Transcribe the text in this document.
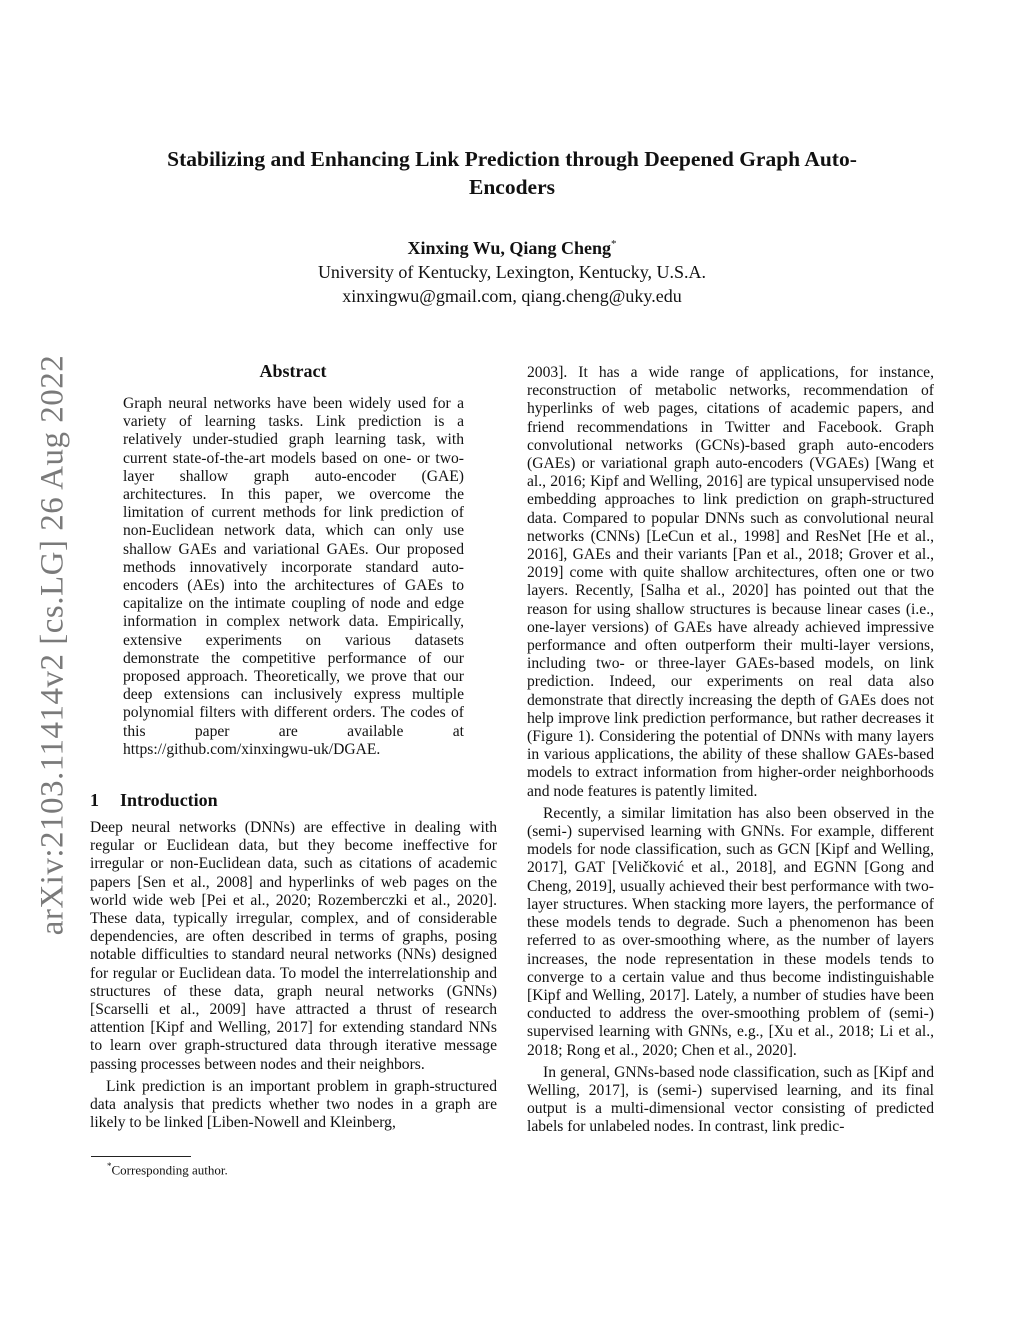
arXiv:2103.11414v2 [cs.LG] 26 Aug 2022
Stabilizing and Enhancing Link Prediction through Deepened Graph Auto-Encoders
Xinxing Wu, Qiang Cheng*
University of Kentucky, Lexington, Kentucky, U.S.A.
xinxingwu@gmail.com, qiang.cheng@uky.edu
Abstract
Graph neural networks have been widely used for a variety of learning tasks. Link prediction is a relatively under-studied graph learning task, with current state-of-the-art models based on one- or two-layer shallow graph auto-encoder (GAE) architectures. In this paper, we overcome the limitation of current methods for link prediction of non-Euclidean network data, which can only use shallow GAEs and variational GAEs. Our proposed methods innovatively incorporate standard auto-encoders (AEs) into the architectures of GAEs to capitalize on the intimate coupling of node and edge information in complex network data. Empirically, extensive experiments on various datasets demonstrate the competitive performance of our proposed approach. Theoretically, we prove that our deep extensions can inclusively express multiple polynomial filters with different orders. The codes of this paper are available at https://github.com/xinxingwu-uk/DGAE.
1 Introduction

Deep neural networks (DNNs) are effective in dealing with regular or Euclidean data, but they become ineffective for irregular or non-Euclidean data, such as citations of academic papers [Sen et al., 2008] and hyperlinks of web pages on the world wide web [Pei et al., 2020; Rozemberczki et al., 2020]. These data, typically irregular, complex, and of considerable dependencies, are often described in terms of graphs, posing notable difficulties to standard neural networks (NNs) designed for regular or Euclidean data. To model the interrelationship and structures of these data, graph neural networks (GNNs) [Scarselli et al., 2009] have attracted a thrust of research attention [Kipf and Welling, 2017] for extending standard NNs to learn over graph-structured data through iterative message passing processes between nodes and their neighbors.

Link prediction is an important problem in graph-structured data analysis that predicts whether two nodes in a graph are likely to be linked [Liben-Nowell and Kleinberg,

*Corresponding author.

2003]. It has a wide range of applications, for instance, reconstruction of metabolic networks, recommendation of hyperlinks of web pages, citations of academic papers, and friend recommendations in Twitter and Facebook. Graph convolutional networks (GCNs)-based graph auto-encoders (GAEs) or variational graph auto-encoders (VGAEs) [Wang et al., 2016; Kipf and Welling, 2016] are typical unsupervised node embedding approaches to link prediction on graph-structured data. Compared to popular DNNs such as convolutional neural networks (CNNs) [LeCun et al., 1998] and ResNet [He et al., 2016], GAEs and their variants [Pan et al., 2018; Grover et al., 2019] come with quite shallow architectures, often one or two layers. Recently, [Salha et al., 2020] has pointed out that the reason for using shallow structures is because linear cases (i.e., one-layer versions) of GAEs have already achieved impressive performance and often outperform their multi-layer versions, including two- or three-layer GAEs-based models, on link prediction. Indeed, our experiments on real data also demonstrate that directly increasing the depth of GAEs does not help improve link prediction performance, but rather decreases it (Figure 1). Considering the potential of DNNs with many layers in various applications, the ability of these shallow GAEs-based models to extract information from higher-order neighborhoods and node features is patently limited.

Recently, a similar limitation has also been observed in the (semi-) supervised learning with GNNs. For example, different models for node classification, such as GCN [Kipf and Welling, 2017], GAT [Veličković et al., 2018], and EGNN [Gong and Cheng, 2019], usually achieved their best performance with two-layer structures. When stacking more layers, the performance of these models tends to degrade. Such a phenomenon has been referred to as over-smoothing where, as the number of layers increases, the node representation in these models tends to converge to a certain value and thus become indistinguishable [Kipf and Welling, 2017]. Lately, a number of studies have been conducted to address the over-smoothing problem of (semi-) supervised learning with GNNs, e.g., [Xu et al., 2018; Li et al., 2018; Rong et al., 2020; Chen et al., 2020].

In general, GNNs-based node classification, such as [Kipf and Welling, 2017], is (semi-) supervised learning, and its final output is a multi-dimensional vector consisting of predicted labels for unlabeled nodes. In contrast, link predic-
